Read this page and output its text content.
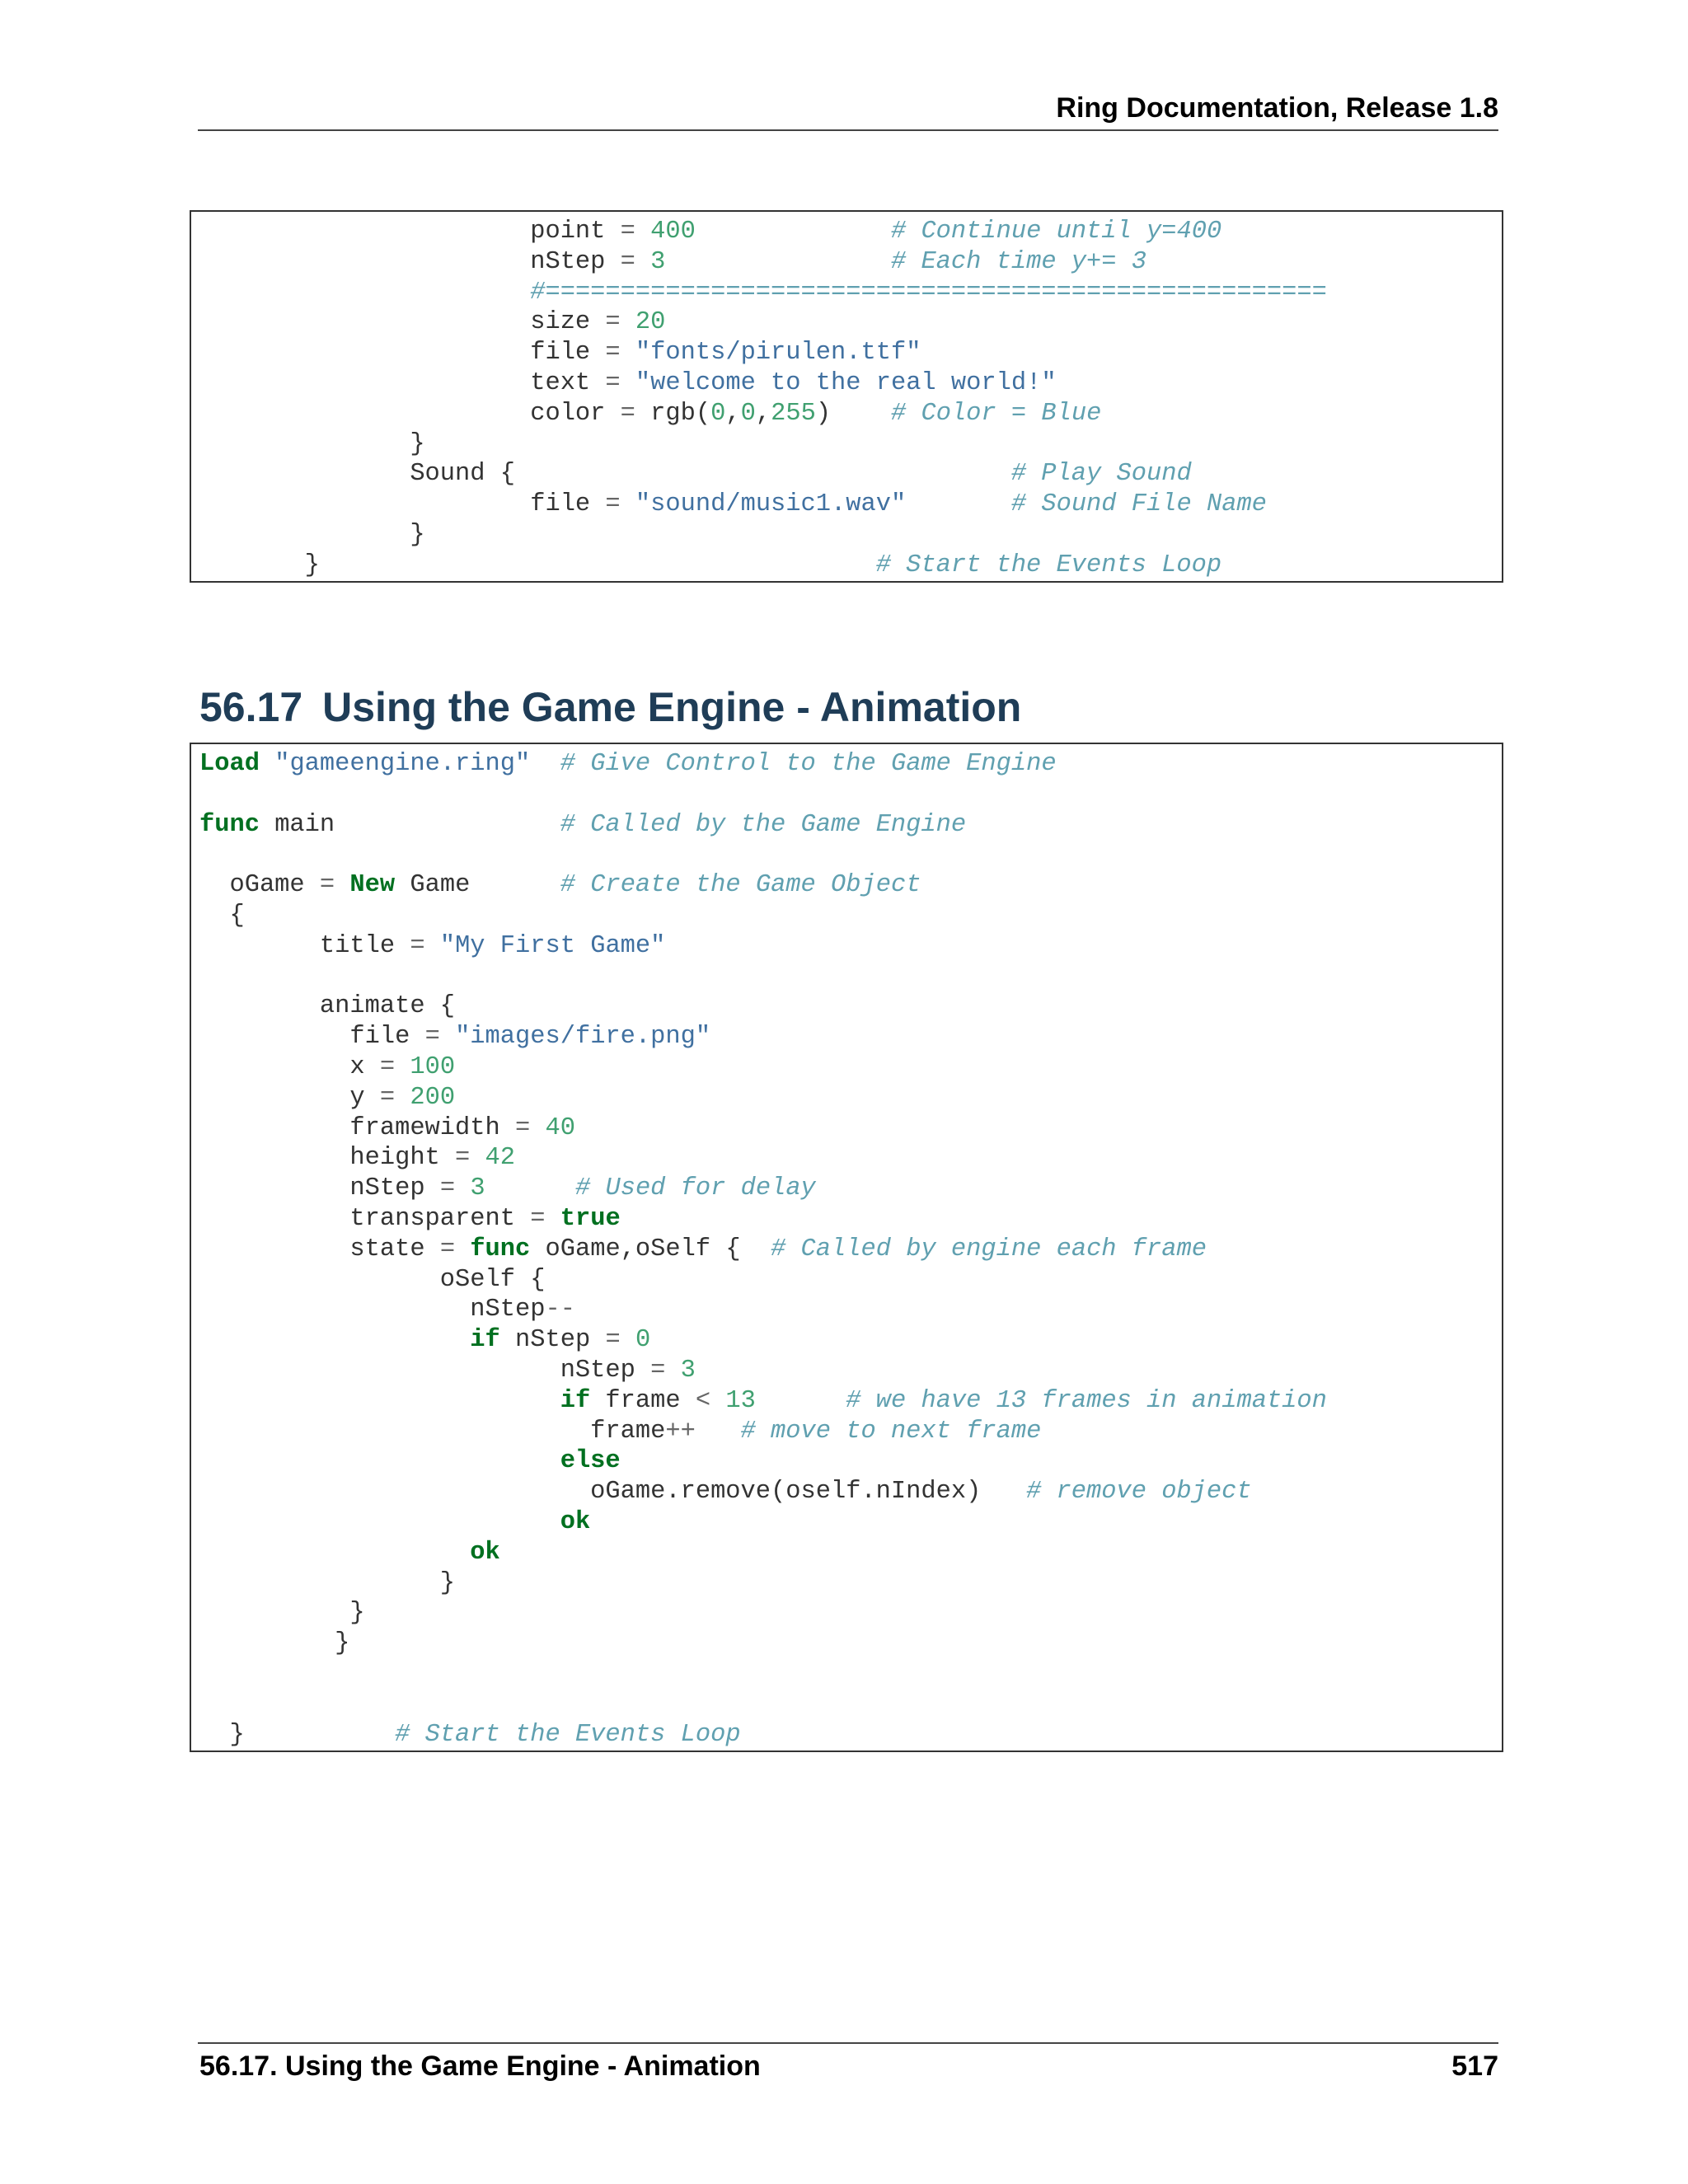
Ring Documentation, Release 1.8
point = 400	# Continue until y=400
nStep = 3	# Each time y+= 3
#====================================================
size = 20
file = "fonts/pirulen.ttf"
text = "welcome to the real world!"
color = rgb(0,0,255)    # Color = Blue
}
Sound {                                 # Play Sound
file = "sound/music1.wav"	# Sound File Name
}
}                                     # Start the Events Loop
56.17 Using the Game Engine - Animation
Load "gameengine.ring" # Give Control to the Game Engine

func main               # Called by the Game Engine

oGame = New Game      # Create the Game Object
{
title = "My First Game"

animate {
file = "images/fire.png"
x = 100
y = 200
framewidth = 40
height = 42
nStep = 3	# Used for delay
transparent = true
state = func oGame,oSelf {  # Called by engine each frame
oSelf {
nStep--
if nStep = 0
nStep = 3
if frame < 13	# we have 13 frames in animation
frame++ # move to next frame
else
oGame.remove(oself.nIndex)   # remove object
ok
ok
}
}
}

}          # Start the Events Loop
56.17. Using the Game Engine - Animation	517
